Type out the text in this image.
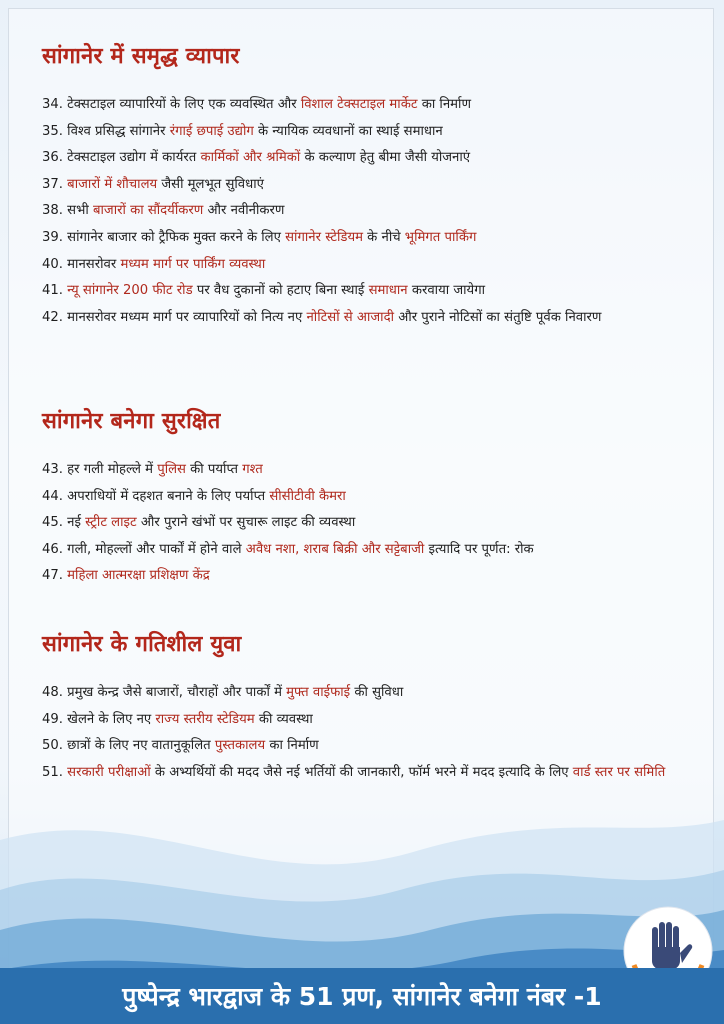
सांगानेर में समृद्ध व्यापार
34. टेक्सटाइल व्यापारियों के लिए एक व्यवस्थित और विशाल टेक्सटाइल मार्केट का निर्माण
35. विश्व प्रसिद्ध सांगानेर रंगाई छपाई उद्योग के न्यायिक व्यवधानों का स्थाई समाधान
36. टेक्सटाइल उद्योग में कार्यरत कार्मिकों और श्रमिकों के कल्याण हेतु बीमा जैसी योजनाएं
37. बाजारों में शौचालय जैसी मूलभूत सुविधाएं
38. सभी बाजारों का सौंदर्यीकरण और नवीनीकरण
39. सांगानेर बाजार को ट्रैफिक मुक्त करने के लिए सांगानेर स्टेडियम के नीचे भूमिगत पार्किंग
40. मानसरोवर मध्यम मार्ग पर पार्किंग व्यवस्था
41. न्यू सांगानेर 200 फीट रोड पर वैध दुकानों को हटाए बिना स्थाई समाधान करवाया जायेगा
42. मानसरोवर मध्यम मार्ग पर व्यापारियों को नित्य नए नोटिसों से आजादी और पुराने नोटिसों का संतुष्टि पूर्वक निवारण
सांगानेर बनेगा सुरक्षित
43. हर गली मोहल्ले में पुलिस की पर्याप्त गश्त
44. अपराधियों में दहशत बनाने के लिए पर्याप्त सीसीटीवी कैमरा
45. नई स्ट्रीट लाइट और पुराने खंभों पर सुचारू लाइट की व्यवस्था
46. गली, मोहल्लों और पार्कों में होने वाले अवैध नशा, शराब बिक्री और सट्टेबाजी इत्यादि पर पूर्णत: रोक
47. महिला आत्मरक्षा प्रशिक्षण केंद्र
सांगानेर के गतिशील युवा
48. प्रमुख केन्द्र जैसे बाजारों, चौराहों और पार्कों में मुफ्त वाईफाई की सुविधा
49. खेलने के लिए नए राज्य स्तरीय स्टेडियम की व्यवस्था
50. छात्रों के लिए नए वातानुकूलित पुस्तकालय का निर्माण
51. सरकारी परीक्षाओं के अभ्यर्थियों की मदद जैसे नई भर्तियों की जानकारी, फॉर्म भरने में मदद इत्यादि के लिए वार्ड स्तर पर समिति
पुष्पेन्द्र भारद्वाज के 51 प्रण, सांगानेर बनेगा नंबर -1
